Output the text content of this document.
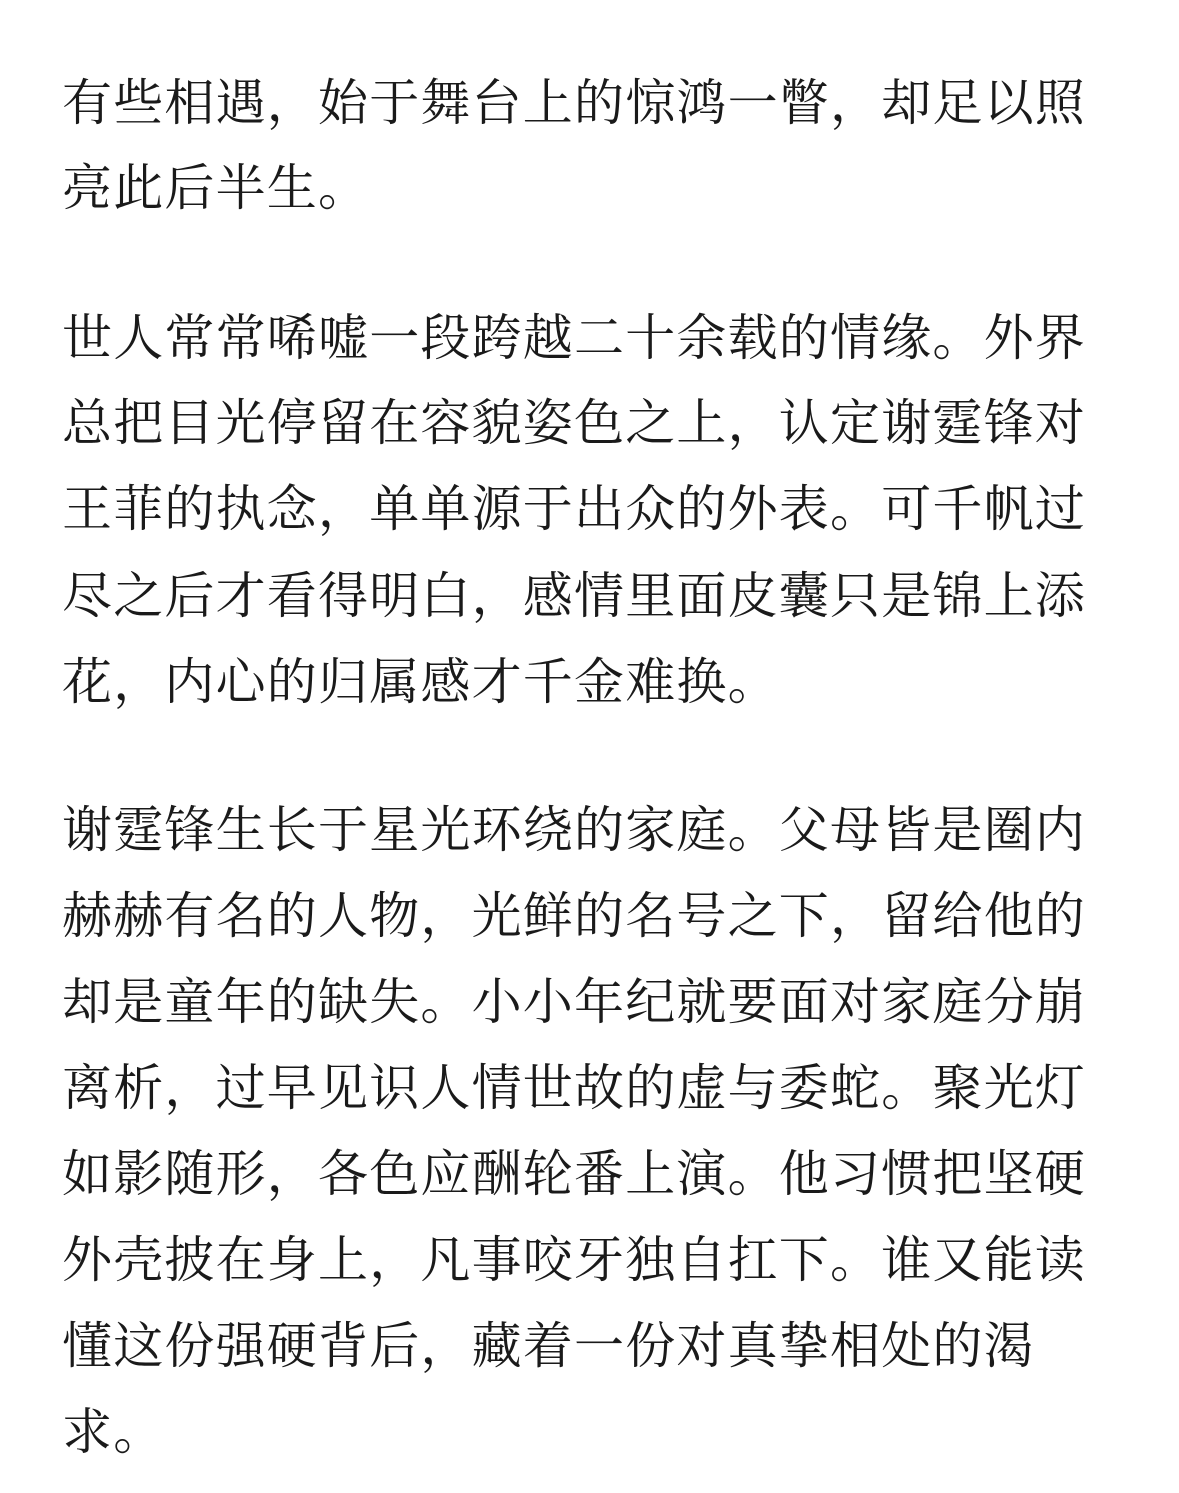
有些相遇，始于舞台上的惊鸿一瞥，却足以照
亮此后半生。
世人常常唏嘘一段跨越二十余载的情缘。外界
总把目光停留在容貌姿色之上，认定谢霆锋对
王菲的执念，单单源于出众的外表。可千帆过
尽之后才看得明白，感情里面皮囊只是锦上添
花，内心的归属感才千金难换。
谢霆锋生长于星光环绕的家庭。父母皆是圈内
赫赫有名的人物，光鲜的名号之下，留给他的
却是童年的缺失。小小年纪就要面对家庭分崩
离析，过早见识人情世故的虚与委蛇。聚光灯
如影随形，各色应酬轮番上演。他习惯把坚硬
外壳披在身上，凡事咬牙独自扛下。谁又能读
懂这份强硬背后，藏着一份对真挚相处的渴
求。
